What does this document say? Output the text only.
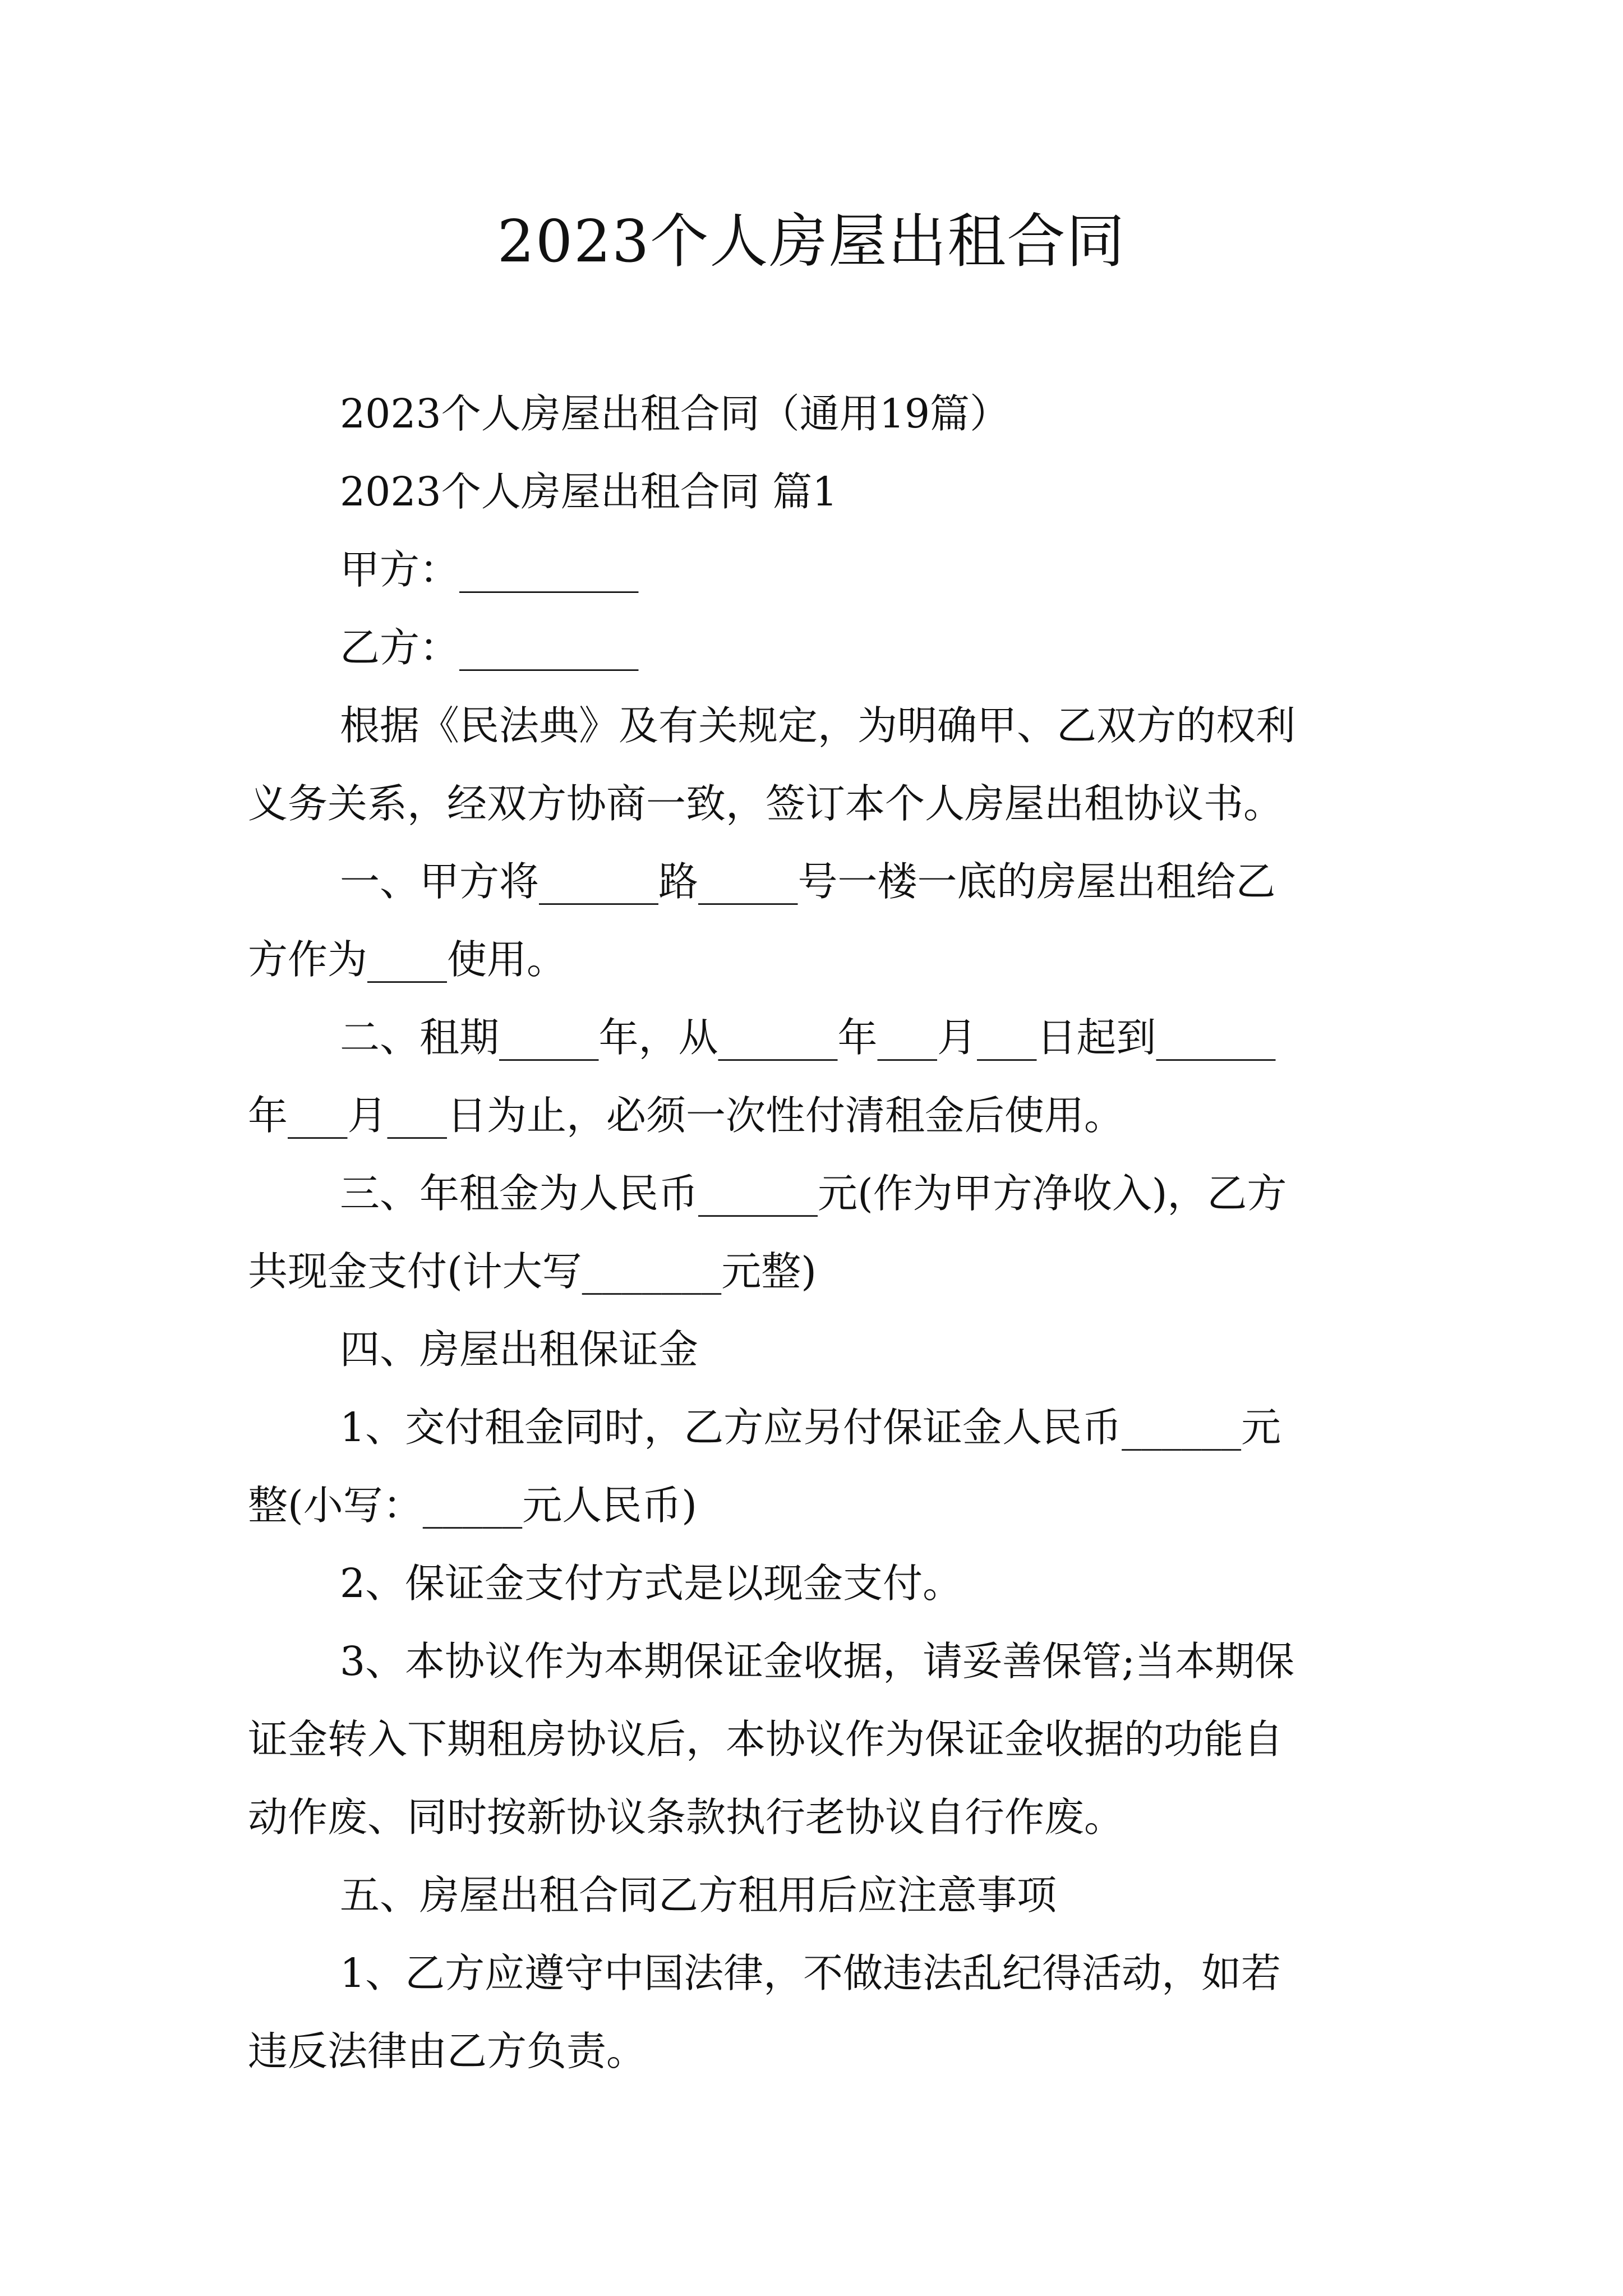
2023个人房屋出租合同

2023个人房屋出租合同（通用19篇）

2023个人房屋出租合同 篇1

甲方：_________

乙方：_________

根据《民法典》及有关规定，为明确甲、乙双方的权利

义务关系，经双方协商一致，签订本个人房屋出租协议书。

一、甲方将______路_____号一楼一底的房屋出租给乙

方作为____使用。

二、租期_____年，从______年___月___日起到______

年___月___日为止，必须一次性付清租金后使用。

三、年租金为人民币______元(作为甲方净收入)，乙方

共现金支付(计大写_______元整)

四、房屋出租保证金

1、交付租金同时，乙方应另付保证金人民币______元

整(小写：_____元人民币)

2、保证金支付方式是以现金支付。

3、本协议作为本期保证金收据，请妥善保管;当本期保

证金转入下期租房协议后，本协议作为保证金收据的功能自

动作废、同时按新协议条款执行老协议自行作废。

五、房屋出租合同乙方租用后应注意事项

1、乙方应遵守中国法律，不做违法乱纪得活动，如若

违反法律由乙方负责。
